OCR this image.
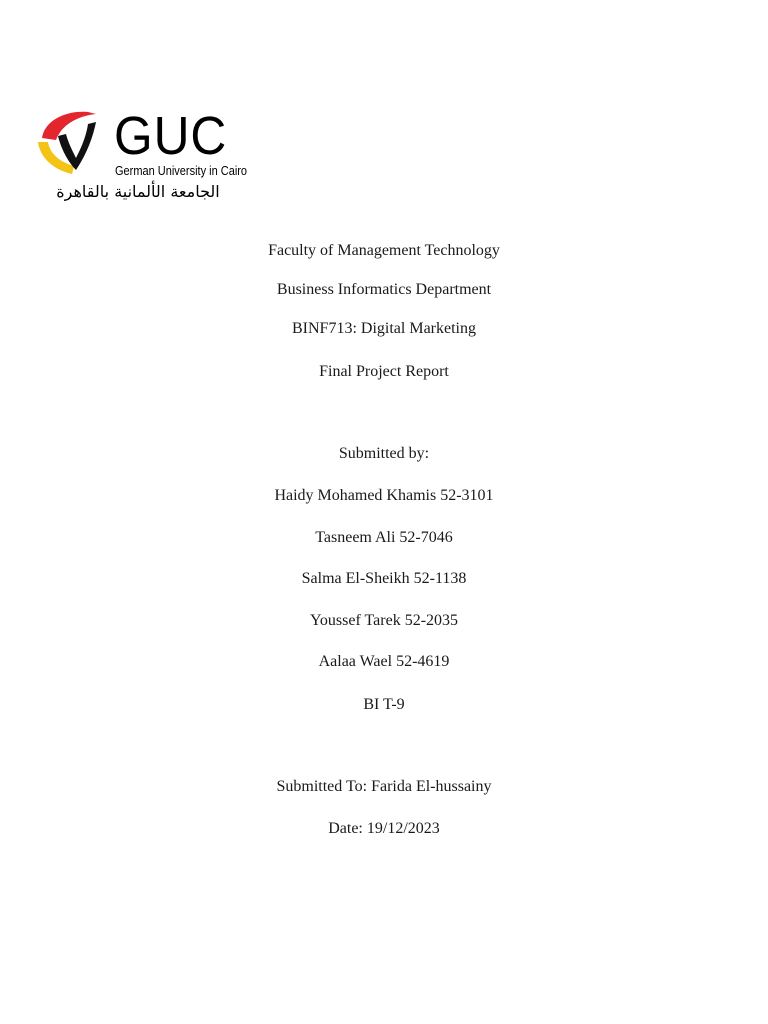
GUC
German University in Cairo
الجامعة الألمانية بالقاهرة
Faculty of Management Technology
Business Informatics Department
BINF713: Digital Marketing
Final Project Report
Submitted by:
Haidy Mohamed Khamis 52-3101
Tasneem Ali 52-7046
Salma El-Sheikh 52-1138
Youssef Tarek 52-2035
Aalaa Wael 52-4619
BI T-9
Submitted To: Farida El-hussainy
Date: 19/12/2023
